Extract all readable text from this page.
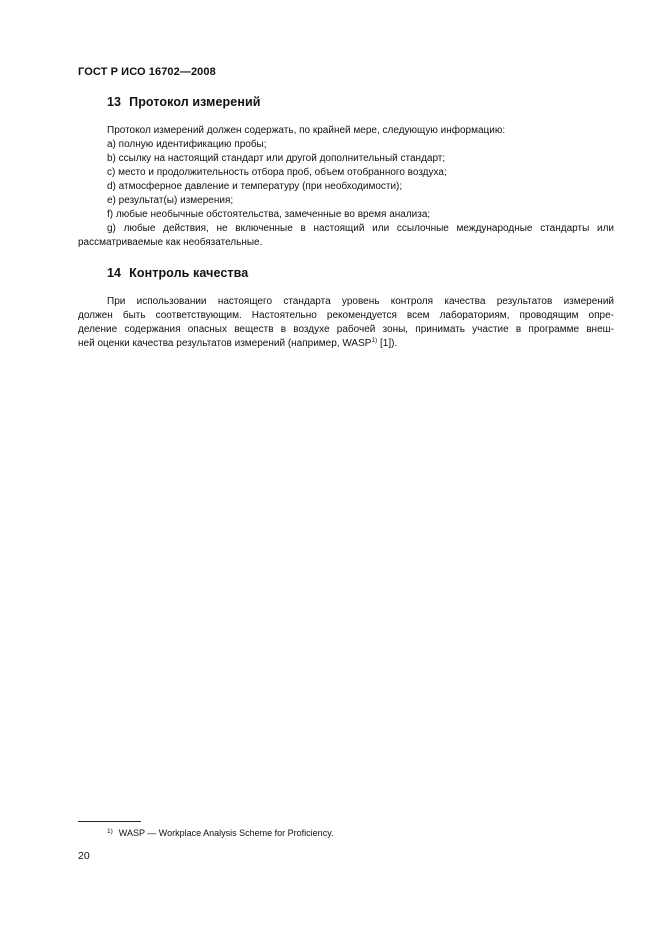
ГОСТ Р ИСО 16702—2008
13 Протокол измерений
Протокол измерений должен содержать, по крайней мере, следующую информацию:
a) полную идентификацию пробы;
b) ссылку на настоящий стандарт или другой дополнительный стандарт;
c) место и продолжительность отбора проб, объем отобранного воздуха;
d) атмосферное давление и температуру (при необходимости);
e) результат(ы) измерения;
f) любые необычные обстоятельства, замеченные во время анализа;
g) любые действия, не включенные в настоящий или ссылочные международные стандарты или
рассматриваемые как необязательные.
14 Контроль качества
При использовании настоящего стандарта уровень контроля качества результатов измерений
должен быть соответствующим. Настоятельно рекомендуется всем лабораториям, проводящим опре-
деление содержания опасных веществ в воздухе рабочей зоны, принимать участие в программе внеш-
ней оценки качества результатов измерений (например, WASP$^{1)}$ [1]).
$^{1)}$ WASP — Workplace Analysis Scheme for Proficiency.
20
